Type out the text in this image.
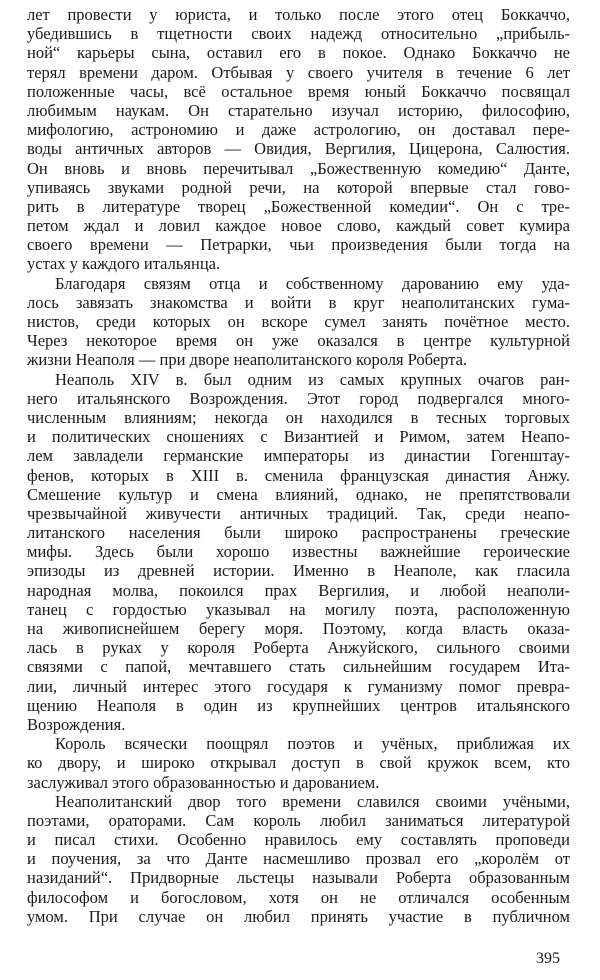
лет провести у юриста, и только после этого отец Боккаччо,
убедившись в тщетности своих надежд относительно „прибыль-
ной“ карьеры сына, оставил его в покое. Однако Боккаччо не
терял времени даром. Отбывая у своего учителя в течение 6 лет
положенные часы, всё остальное время юный Боккаччо посвящал
любимым наукам. Он старательно изучал историю, философию,
мифологию, астрономию и даже астрологию, он доставал пере-
воды античных авторов — Овидия, Вергилия, Цицерона, Салюстия.
Он вновь и вновь перечитывал „Божественную комедию“ Данте,
упиваясь звуками родной речи, на которой впервые стал гово-
рить в литературе творец „Божественной комедии“. Он с тре-
петом ждал и ловил каждое новое слово, каждый совет кумира
своего времени — Петрарки, чьи произведения были тогда на
устах у каждого итальянца.
Благодаря связям отца и собственному дарованию ему уда-
лось завязать знакомства и войти в круг неаполитанских гума-
нистов, среди которых он вскоре сумел занять почётное место.
Через некоторое время он уже оказался в центре культурной
жизни Неаполя — при дворе неаполитанского короля Роберта.
Неаполь XIV в. был одним из самых крупных очагов ран-
него итальянского Возрождения. Этот город подвергался много-
численным влияниям; некогда он находился в тесных торговых
и политических сношениях с Византией и Римом, затем Неапо-
лем завладели германские императоры из династии Гогенштау-
фенов, которых в XIII в. сменила французская династия Анжу.
Смешение культур и смена влияний, однако, не препятствовали
чрезвычайной живучести античных традиций. Так, среди неапо-
литанского населения были широко распространены греческие
мифы. Здесь были хорошо известны важнейшие героические
эпизоды из древней истории. Именно в Неаполе, как гласила
народная молва, покоился прах Вергилия, и любой неаполи-
танец с гордостью указывал на могилу поэта, расположенную
на живописнейшем берегу моря. Поэтому, когда власть оказа-
лась в руках у короля Роберта Анжуйского, сильного своими
связями с папой, мечтавшего стать сильнейшим государем Ита-
лии, личный интерес этого государя к гуманизму помог превра-
щению Неаполя в один из крупнейших центров итальянского
Возрождения.
Король всячески поощрял поэтов и учёных, приближая их
ко двору, и широко открывал доступ в свой кружок всем, кто
заслуживал этого образованностью и дарованием.
Неаполитанский двор того времени славился своими учёными,
поэтами, ораторами. Сам король любил заниматься литературой
и писал стихи. Особенно нравилось ему составлять проповеди
и поучения, за что Данте насмешливо прозвал его „королём от
назиданий“. Придворные льстецы называли Роберта образованным
философом и богословом, хотя он не отличался особенным
умом. При случае он любил принять участие в публичном
395
